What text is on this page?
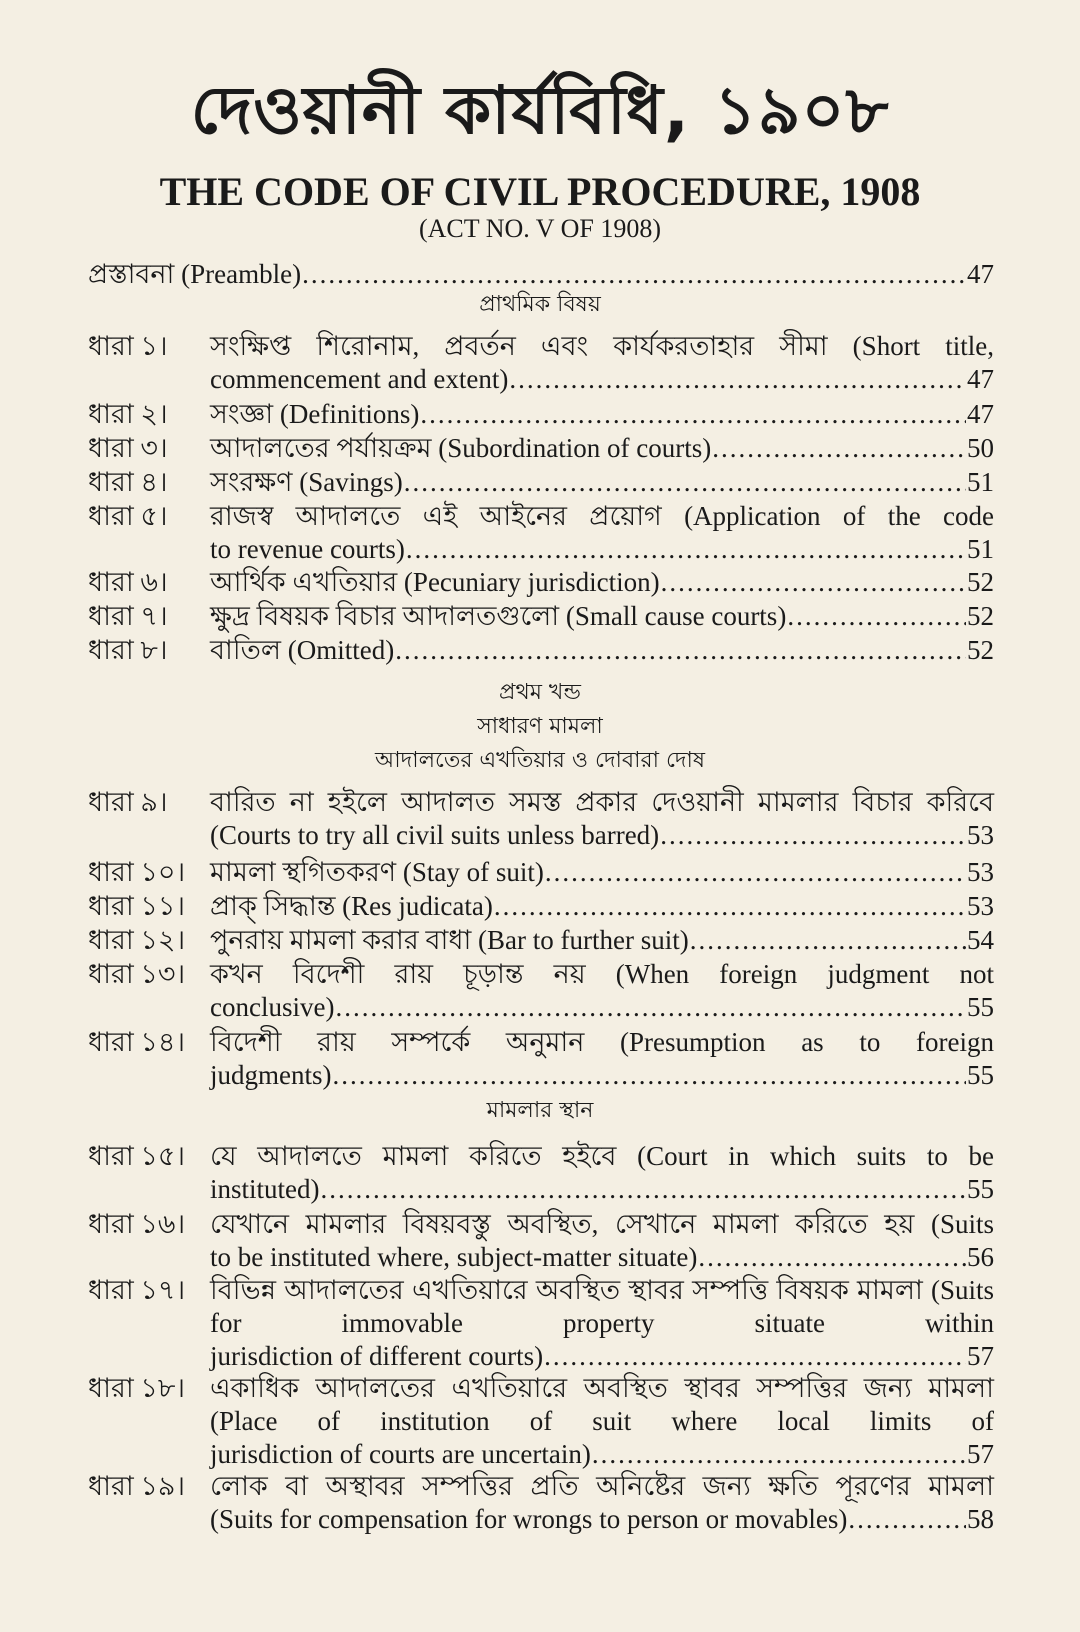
দেওয়ানী কার্যবিধি, ১৯০৮
THE CODE OF CIVIL PROCEDURE, 1908
(ACT NO. V OF 1908)
প্রস্তাবনা (Preamble) .....	47
প্রাথমিক বিষয়
ধারা ১। সংক্ষিপ্ত শিরোনাম, প্রবর্তন এবং কার্যকরতাহার সীমা (Short title,
commencement and extent) .....	47
ধারা ২। সংজ্ঞা (Definitions) .....	47
ধারা ৩। আদালতের পর্যায়ক্রম (Subordination of courts) .....	50
ধারা ৪। সংরক্ষণ (Savings) .....	51
ধারা ৫। রাজস্ব আদালতে এই আইনের প্রয়োগ (Application of the code
to revenue courts) .....	51
ধারা ৬। আর্থিক এখতিয়ার (Pecuniary jurisdiction) .....	52
ধারা ৭। ক্ষুদ্র বিষয়ক বিচার আদালতগুলো (Small cause courts) .....	52
ধারা ৮। বাতিল (Omitted) .....	52
ধারা ৯। বারিত না হইলে আদালত সমস্ত প্রকার দেওয়ানী মামলার বিচার করিবে
(Courts to try all civil suits unless barred) .....	53
ধারা ১০। মামলা স্থগিতকরণ (Stay of suit) .....	53
ধারা ১১। প্রাক্ সিদ্ধান্ত (Res judicata) .....	53
ধারা ১২। পুনরায় মামলা করার বাধা (Bar to further suit) .....	54
ধারা ১৩। কখন বিদেশী রায় চূড়ান্ত নয় (When foreign judgment not
conclusive) .....	55
ধারা ১৪। বিদেশী রায় সম্পর্কে অনুমান (Presumption as to foreign
judgments) .....	55
ধারা ১৫। যে আদালতে মামলা করিতে হইবে (Court in which suits to be
instituted) .....	55
ধারা ১৬। যেখানে মামলার বিষয়বস্তু অবস্থিত, সেখানে মামলা করিতে হয় (Suits
to be instituted where, subject-matter situate) .....	56
ধারা ১৭। বিভিন্ন আদালতের এখতিয়ারে অবস্থিত স্থাবর সম্পত্তি বিষয়ক মামলা (Suits for immovable property situate within
jurisdiction of different courts) .....	57
ধারা ১৮। একাধিক আদালতের এখতিয়ারে অবস্থিত স্থাবর সম্পত্তির জন্য মামলা (Place of institution of suit where local limits of
jurisdiction of courts are uncertain) .....	57
ধারা ১৯। লোক বা অস্থাবর সম্পত্তির প্রতি অনিষ্টের জন্য ক্ষতি পূরণের মামলা
(Suits for compensation for wrongs to person or movables) .....	58
প্রথম খন্ড
সাধারণ মামলা
আদালতের এখতিয়ার ও দোবারা দোষ
মামলার স্থান
